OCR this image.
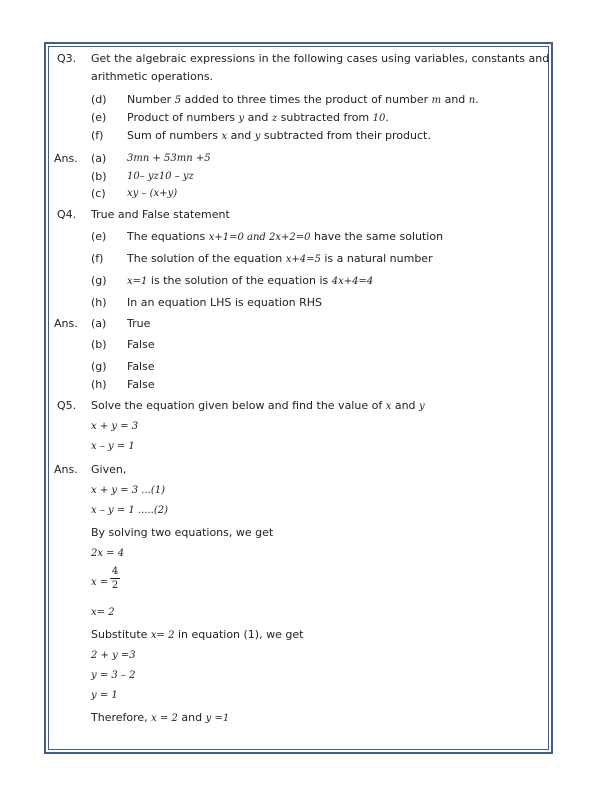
Q3. Get the algebraic expressions in the following cases using variables, constants and
arithmetic operations.
(d) Number 5 added to three times the product of number m and n.
(e) Product of numbers y and z subtracted from 10.
(f) Sum of numbers x and y subtracted from their product.
Ans. (a) 3mn + 53mn +5
(b) 10– yz10 – yz
(c) xy – (x+y)
Q4. True and False statement
(e) The equations x+1=0 and 2x+2=0 have the same solution
(f) The solution of the equation x+4=5 is a natural number
(g) x=1 is the solution of the equation is 4x+4=4
(h) In an equation LHS is equation RHS
Ans. (a) True
(b) False
(g) False
(h) False
Q5. Solve the equation given below and find the value of x and y
x + y = 3
x – y = 1
Ans. Given,
x + y = 3 ...(1)
x – y = 1 .....(2)
By solving two equations, we get
2x = 4
x =
4
2
x= 2
Substitute x= 2 in equation (1), we get
2 + y =3
y = 3 – 2
y = 1
Therefore, x = 2 and y =1
